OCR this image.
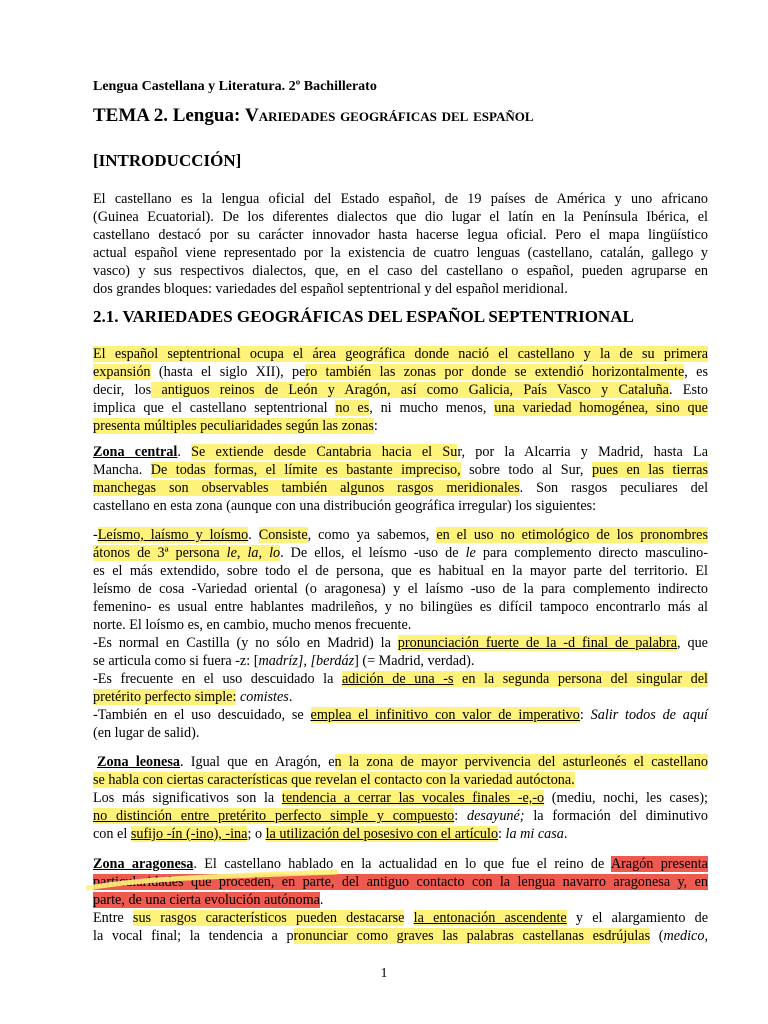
Lengua Castellana y Literatura. 2º Bachillerato
TEMA 2. Lengua: Variedades geográficas del español
[INTRODUCCIÓN]
El castellano es la lengua oficial del Estado español, de 19 países de América y uno africano
(Guinea Ecuatorial). De los diferentes dialectos que dio lugar el latín en la Península Ibérica, el
castellano destacó por su carácter innovador hasta hacerse legua oficial. Pero el mapa lingüístico
actual español viene representado por la existencia de cuatro lenguas (castellano, catalán, gallego y
vasco) y sus respectivos dialectos, que, en el caso del castellano o español, pueden agruparse en
dos grandes bloques: variedades del español septentrional y del español meridional.
2.1. VARIEDADES GEOGRÁFICAS DEL ESPAÑOL SEPTENTRIONAL
El español septentrional ocupa el área geográfica donde nació el castellano y la de su primera
expansión (hasta el siglo XII), pero también las zonas por donde se extendió horizontalmente, es
decir, los antiguos reinos de León y Aragón, así como Galicia, País Vasco y Cataluña. Esto
implica que el castellano septentrional no es, ni mucho menos, una variedad homogénea, sino que
presenta múltiples peculiaridades según las zonas:
Zona central. Se extiende desde Cantabria hacia el Sur, por la Alcarria y Madrid, hasta La
Mancha. De todas formas, el límite es bastante impreciso, sobre todo al Sur, pues en las tierras
manchegas son observables también algunos rasgos meridionales. Son rasgos peculiares del
castellano en esta zona (aunque con una distribución geográfica irregular) los siguientes:
-Leísmo, laísmo y loísmo. Consiste, como ya sabemos, en el uso no etimológico de los pronombres
átonos de 3ª persona le, la, lo. De ellos, el leísmo -uso de le para complemento directo masculino-
es el más extendido, sobre todo el de persona, que es habitual en la mayor parte del territorio. El
leísmo de cosa -Variedad oriental (o aragonesa) y el laísmo -uso de la para complemento indirecto
femenino- es usual entre hablantes madrileños, y no bilingües es difícil tampoco encontrarlo más al
norte. El loísmo es, en cambio, mucho menos frecuente.
-Es normal en Castilla (y no sólo en Madrid) la pronunciación fuerte de la -d final de palabra, que
se articula como si fuera -z: [madríz], [berdáz] (= Madrid, verdad).
-Es frecuente en el uso descuidado la adición de una -s en la segunda persona del singular del
pretérito perfecto simple: comistes.
-También en el uso descuidado, se emplea el infinitivo con valor de imperativo: Salir todos de aquí
(en lugar de salid).
Zona leonesa. Igual que en Aragón, en la zona de mayor pervivencia del asturleonés el castellano
se habla con ciertas características que revelan el contacto con la variedad autóctona.
Los más significativos son la tendencia a cerrar las vocales finales -e,-o (mediu, nochi, les cases);
no distinción entre pretérito perfecto simple y compuesto: desayuné; la formación del diminutivo
con el sufijo -ín (-ino), -ina; o la utilización del posesivo con el artículo: la mi casa.
Zona aragonesa. El castellano hablado en la actualidad en lo que fue el reino de Aragón presenta
particularidades que proceden, en parte, del antiguo contacto con la lengua navarro aragonesa y, en
parte, de una cierta evolución autónoma.
Entre sus rasgos característicos pueden destacarse la entonación ascendente y el alargamiento de
la vocal final; la tendencia a pronunciar como graves las palabras castellanas esdrújulas (medico,
1
